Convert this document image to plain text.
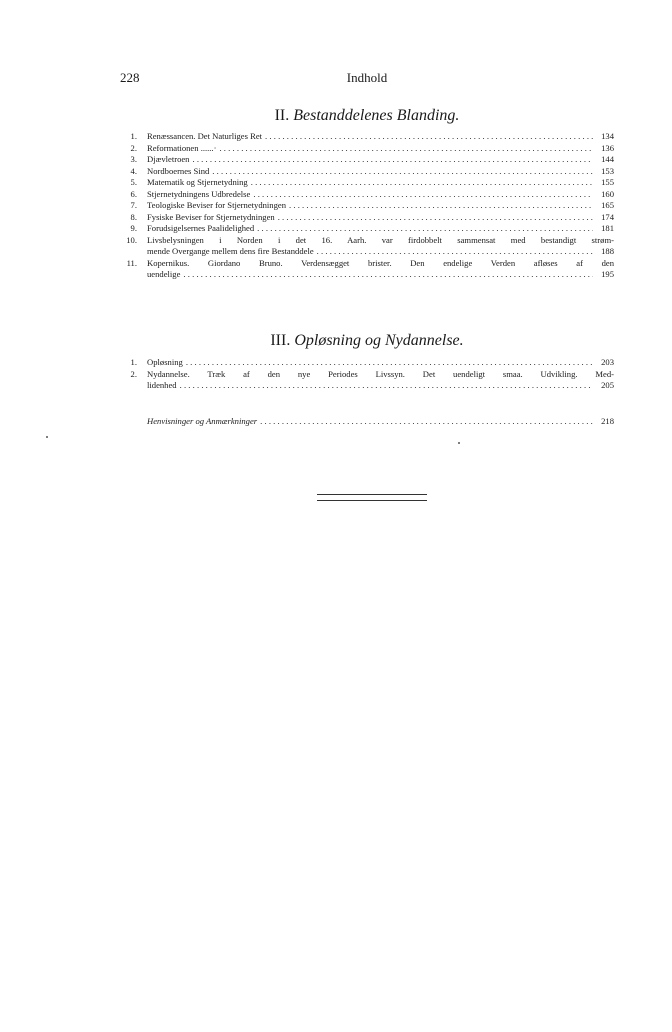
228	Indhold
II. Bestanddelenes Blanding.
1. Renæssancen. Det Naturliges Ret .....	134
2. Reformationen ......· .....	136
3. Djævletroen .....	144
4. Nordboernes Sind .....	153
5. Matematik og Stjernetydning .....	155
6. Stjernetydningens Udbredelse .....	160
7. Teologiske Beviser for Stjernetydningen .....	165
8. Fysiske Beviser for Stjernetydningen .....	174
9. Forudsigelsernes Paalidelighed .....	181
10. Livsbelysningen i Norden i det 16. Aarh. var firdobbelt sammensat med bestandigt strøm-
mende Overgange mellem dens fire Bestanddele .....	188
11. Kopernikus. Giordano Bruno. Verdensægget brister. Den endelige Verden afløses af den
uendelige .....	195
III. Opløsning og Nydannelse.
1. Opløsning .....	203
2. Nydannelse. Træk af den nye Periodes Livssyn. Det uendeligt smaa. Udvikling. Med-
lidenhed .....	205
Henvisninger og Anmærkninger .....	218
